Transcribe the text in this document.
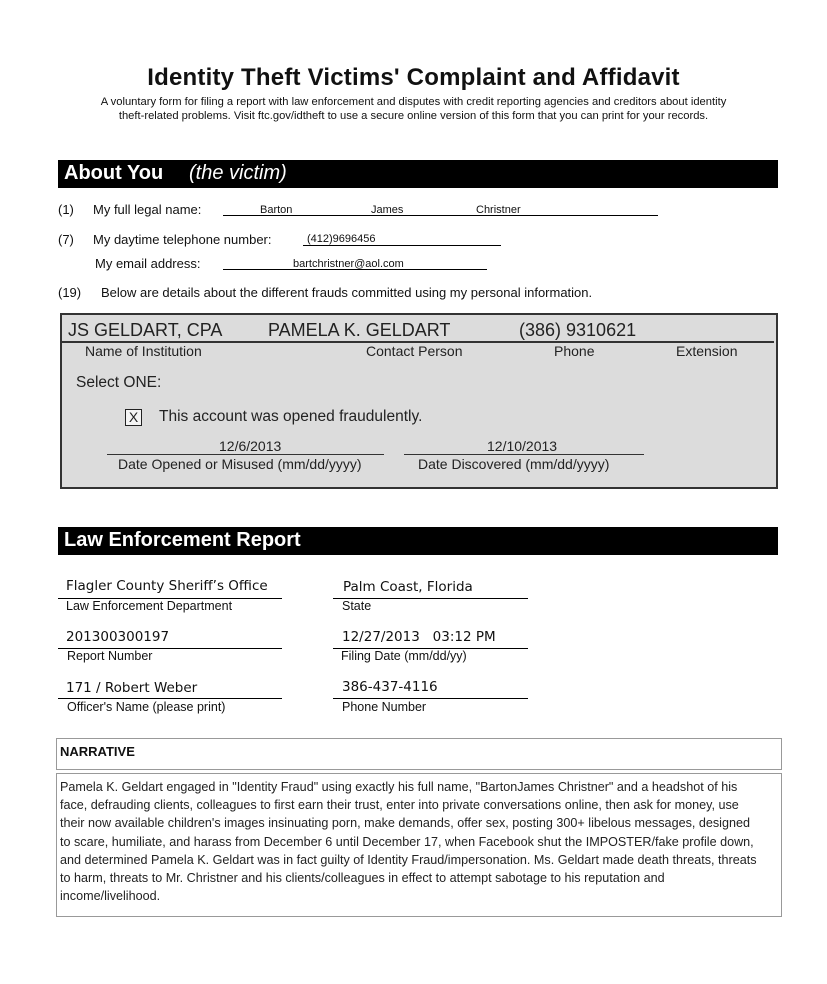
Identity Theft Victims' Complaint and Affidavit
A voluntary form for filing a report with law enforcement and disputes with credit reporting agencies and creditors about identity
theft-related problems. Visit ftc.gov/idtheft to use a secure online version of this form that you can print for your records.
About You (the victim)
(1) My full legal name:	Barton	James	Christner
(7) My daytime telephone number:	(412)9696456
My email address:	bartchristner@aol.com
(19) Below are details about the different frauds committed using my personal information.
JS GELDART, CPA	PAMELA K. GELDART	(386) 9310621
Name of Institution	Contact Person	Phone	Extension
Select ONE:
X This account was opened fraudulently.
12/6/2013
Date Opened or Misused (mm/dd/yyyy)
12/10/2013
Date Discovered (mm/dd/yyyy)
Law Enforcement Report
Flagler County Sheriff’s Office
Law Enforcement Department
Palm Coast, Florida
State
201300300197
Report Number
12/27/2013   03:12 PM
Filing Date (mm/dd/yy)
171 / Robert Weber
Officer's Name (please print)
386-437-4116
Phone Number
NARRATIVE
Pamela K. Geldart engaged in "Identity Fraud" using exactly his full name, "BartonJames Christner" and a headshot of his
face, defrauding clients, colleagues to first earn their trust, enter into private conversations online, then ask for money, use
their now available children's images insinuating porn, make demands, offer sex, posting 300+ libelous messages, designed
to scare, humiliate, and harass from December 6 until December 17, when Facebook shut the IMPOSTER/fake profile down,
and determined Pamela K. Geldart was in fact guilty of Identity Fraud/impersonation. Ms. Geldart made death threats, threats
to harm, threats to Mr. Christner and his clients/colleagues in effect to attempt sabotage to his reputation and
income/livelihood.
